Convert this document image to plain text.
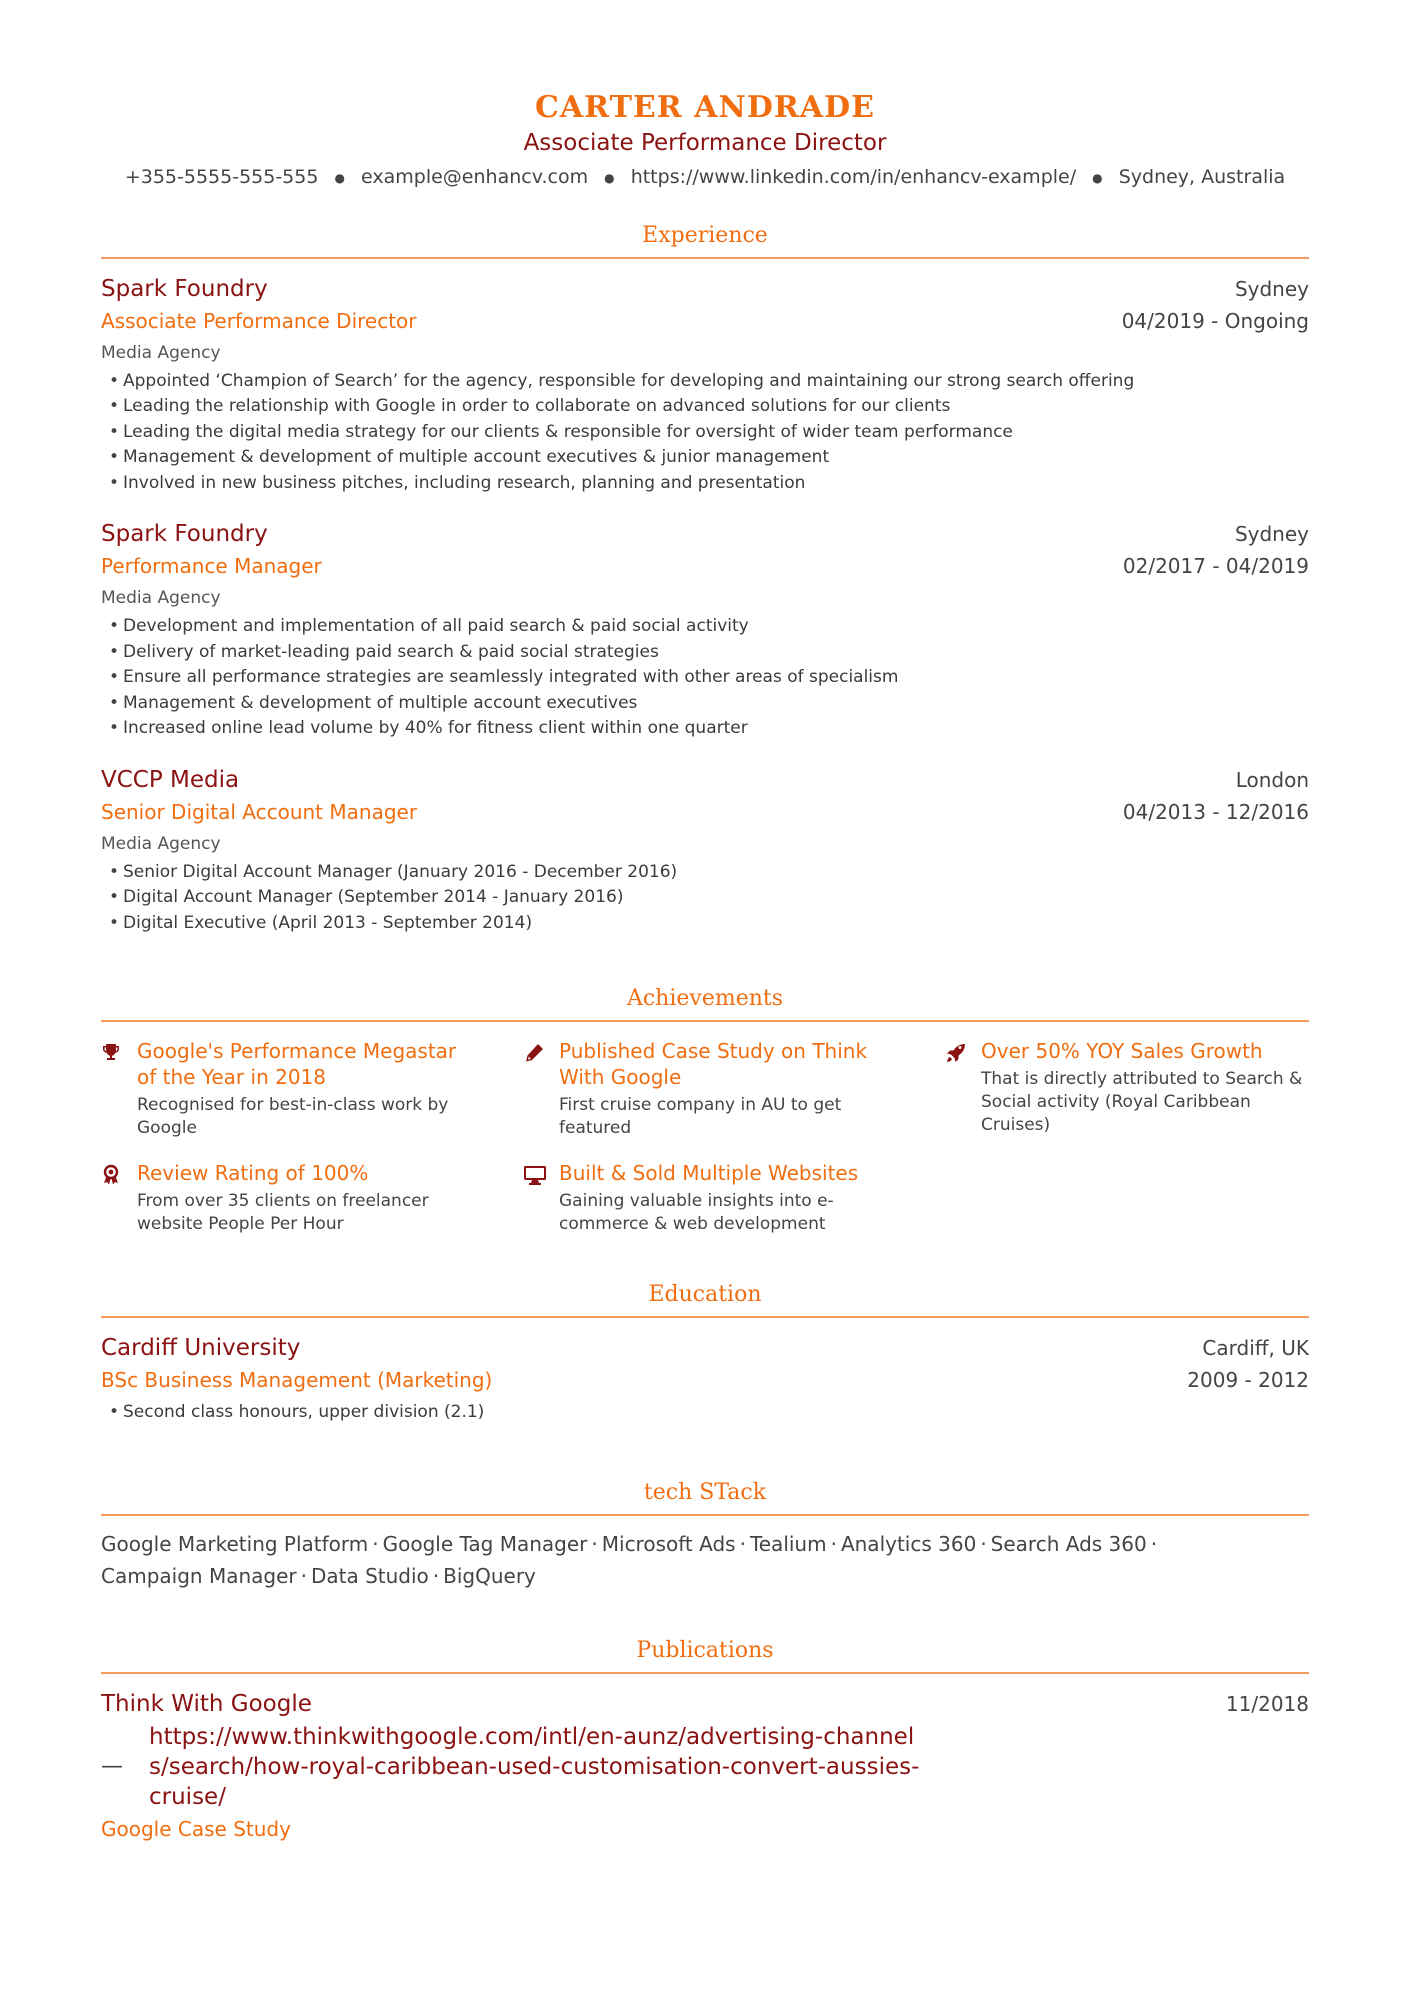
CARTER ANDRADE
Associate Performance Director
+355-5555-555-555 ● example@enhancv.com ● https://www.linkedin.com/in/enhancv-example/ ● Sydney, Australia
Experience
Spark Foundry	Sydney
Associate Performance Director	04/2019 - Ongoing
Media Agency
• Appointed ‘Champion of Search’ for the agency, responsible for developing and maintaining our strong search offering
• Leading the relationship with Google in order to collaborate on advanced solutions for our clients
• Leading the digital media strategy for our clients & responsible for oversight of wider team performance
• Management & development of multiple account executives & junior management
• Involved in new business pitches, including research, planning and presentation
Spark Foundry	Sydney
Performance Manager	02/2017 - 04/2019
Media Agency
• Development and implementation of all paid search & paid social activity
• Delivery of market-leading paid search & paid social strategies
• Ensure all performance strategies are seamlessly integrated with other areas of specialism
• Management & development of multiple account executives
• Increased online lead volume by 40% for fitness client within one quarter
VCCP Media	London
Senior Digital Account Manager	04/2013 - 12/2016
Media Agency
• Senior Digital Account Manager (January 2016 - December 2016)
• Digital Account Manager (September 2014 - January 2016)
• Digital Executive (April 2013 - September 2014)
Achievements
Google's Performance Megastar of the Year in 2018
Recognised for best-in-class work by Google
Published Case Study on Think With Google
First cruise company in AU to get featured
Over 50% YOY Sales Growth
That is directly attributed to Search & Social activity (Royal Caribbean Cruises)
Review Rating of 100%
From over 35 clients on freelancer website People Per Hour
Built & Sold Multiple Websites
Gaining valuable insights into e-commerce & web development
Education
Cardiff University	Cardiff, UK
BSc Business Management (Marketing)	2009 - 2012
• Second class honours, upper division (2.1)
tech STack
Google Marketing Platform · Google Tag Manager · Microsoft Ads · Tealium · Analytics 360 · Search Ads 360 ·
Campaign Manager · Data Studio · BigQuery
Publications
Think With Google	11/2018
—
https://www.thinkwithgoogle.com/intl/en-aunz/advertising-channels/search/how-royal-caribbean-used-customisation-convert-aussies-cruise/
Google Case Study
